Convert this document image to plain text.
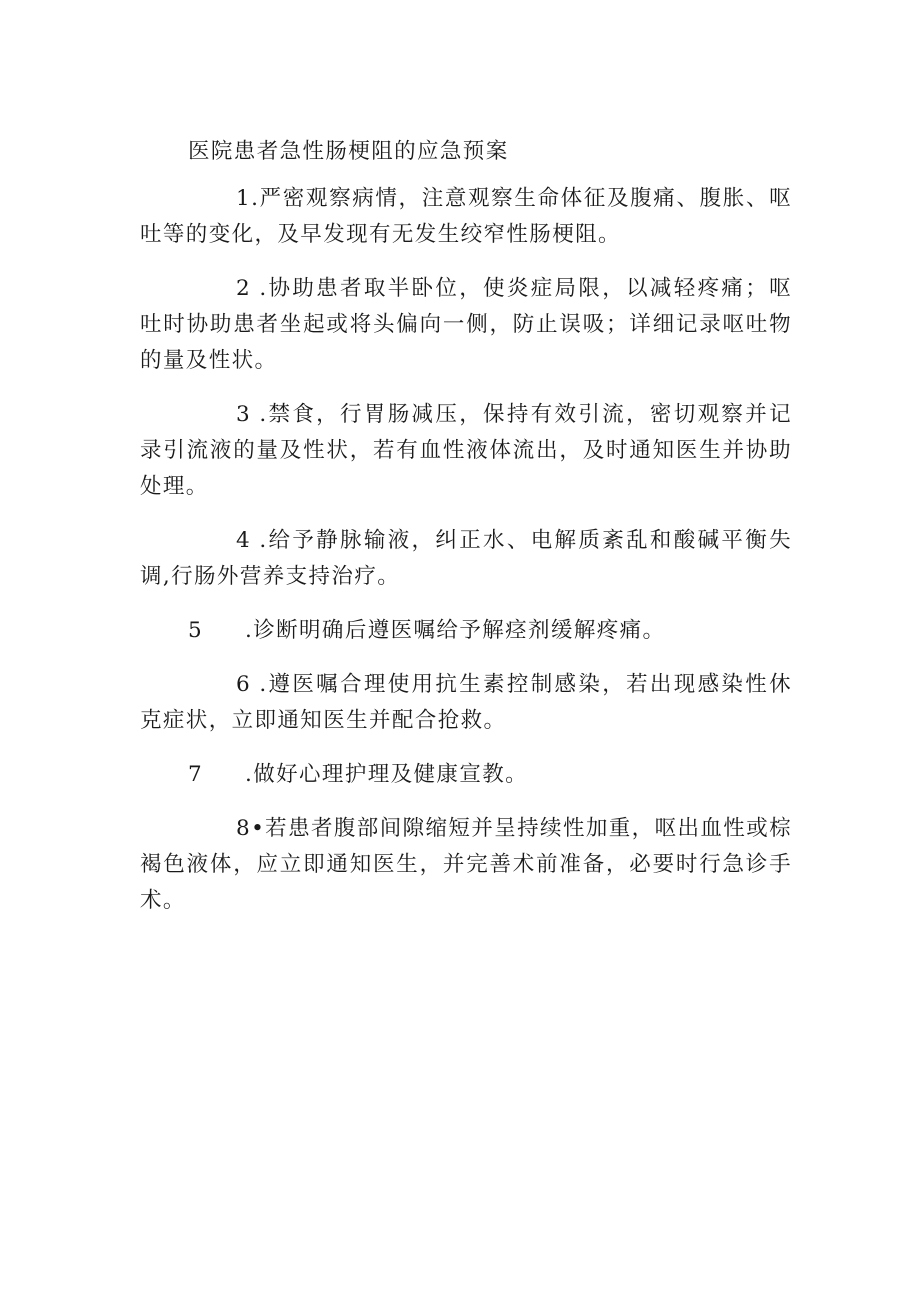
医院患者急性肠梗阻的应急预案

1.严密观察病情，注意观察生命体征及腹痛、腹胀、呕吐等的变化，及早发现有无发生绞窄性肠梗阻。

2 .协助患者取半卧位，使炎症局限，以减轻疼痛；呕吐时协助患者坐起或将头偏向一侧，防止误吸；详细记录呕吐物的量及性状。

3 .禁食，行胃肠减压，保持有效引流，密切观察并记录引流液的量及性状，若有血性液体流出，及时通知医生并协助处理。

4 .给予静脉输液，纠正水、电解质紊乱和酸碱平衡失调,行肠外营养支持治疗。

5 .诊断明确后遵医嘱给予解痉剂缓解疼痛。

6 .遵医嘱合理使用抗生素控制感染，若出现感染性休克症状，立即通知医生并配合抢救。

7 .做好心理护理及健康宣教。

8•若患者腹部间隙缩短并呈持续性加重，呕出血性或棕褐色液体，应立即通知医生，并完善术前准备，必要时行急诊手术。
